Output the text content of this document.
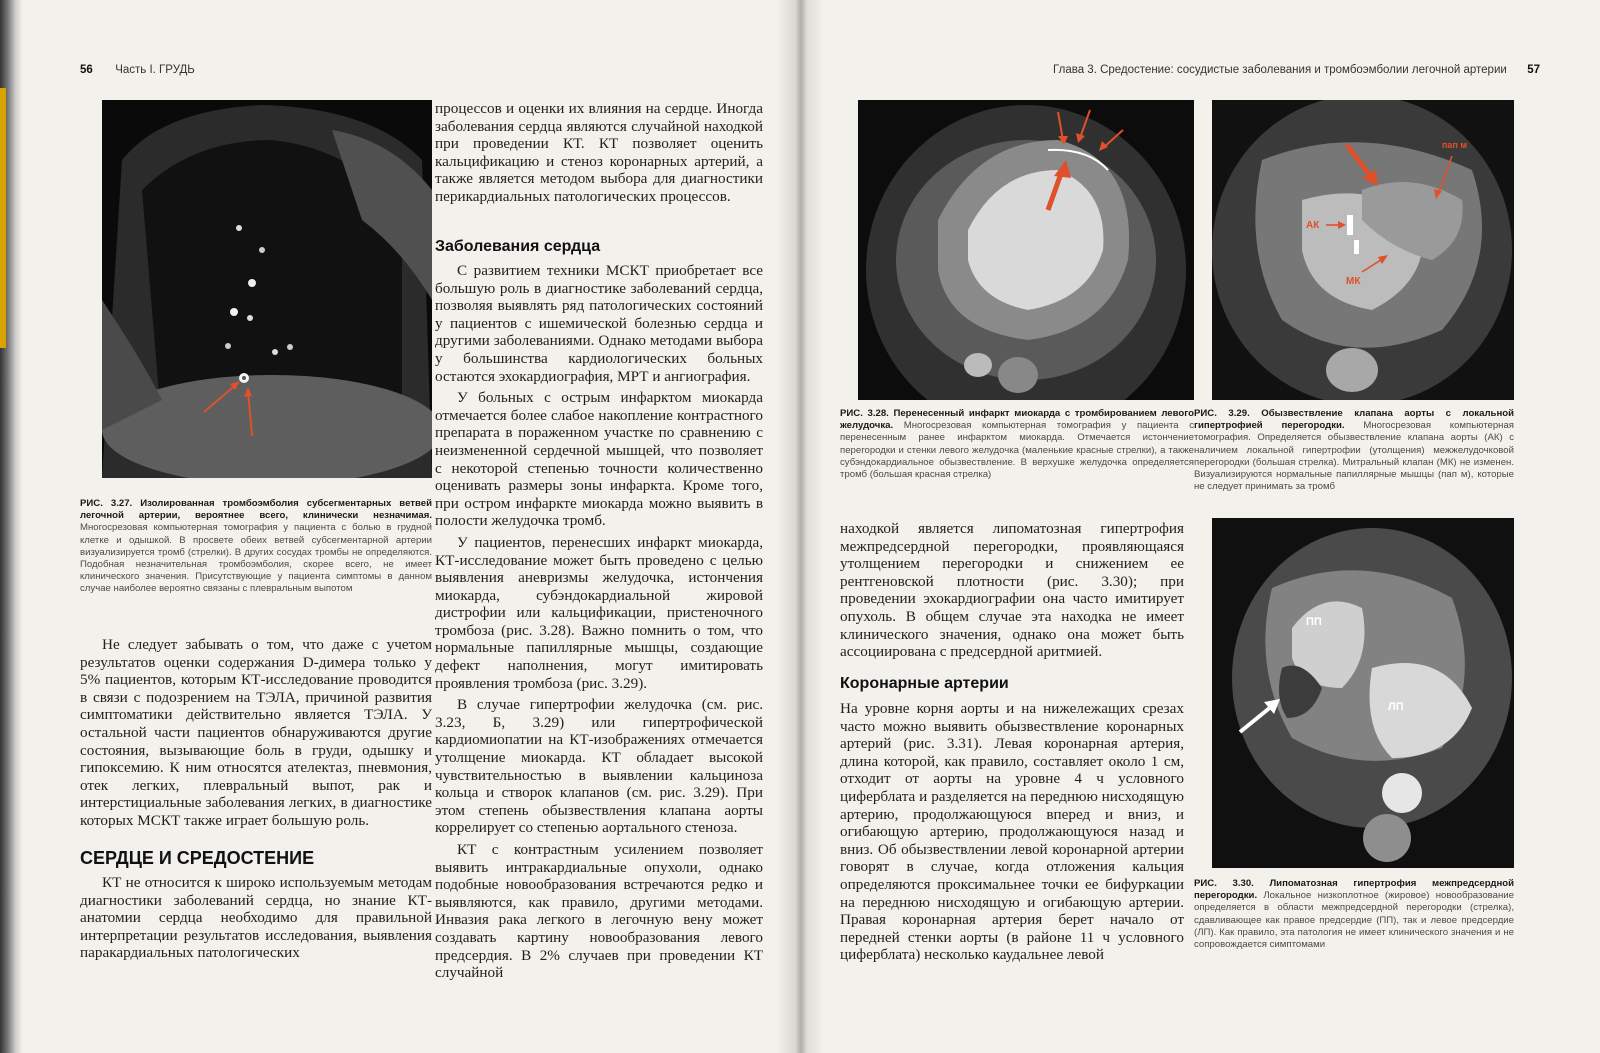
56 Часть I. ГРУДЬ

РИС. 3.27. Изолированная тромбоэмболия субсегментарных ветвей легочной артерии, вероятнее всего, клинически незначимая. Многосрезовая компьютерная томография у пациента с болью в грудной клетке и одышкой. В просвете обеих ветвей субсегментарной артерии визуализируется тромб (стрелки). В других сосудах тромбы не определяются. Подобная незначительная тромбоэмболия, скорее всего, не имеет клинического значения. Присутствующие у пациента симптомы в данном случае наиболее вероятно связаны с плевральным выпотом

Не следует забывать о том, что даже с учетом результатов оценки содержания D-димера только у 5% пациентов, которым КТ-исследование проводится в связи с подозрением на ТЭЛА, причиной развития симптоматики действительно является ТЭЛА. У остальной части пациентов обнаруживаются другие состояния, вызывающие боль в груди, одышку и гипоксемию. К ним относятся ателектаз, пневмония, отек легких, плевральный выпот, рак и интерстициальные заболевания легких, в диагностике которых МСКТ также играет большую роль.

СЕРДЦЕ И СРЕДОСТЕНИЕ

КТ не относится к широко используемым методам диагностики заболеваний сердца, но знание КТ-анатомии сердца необходимо для правильной интерпретации результатов исследования, выявления паракардиальных патологических

процессов и оценки их влияния на сердце. Иногда заболевания сердца являются случайной находкой при проведении КТ. КТ позволяет оценить кальцификацию и стеноз коронарных артерий, а также является методом выбора для диагностики перикардиальных патологических процессов.

Заболевания сердца

С развитием техники МСКТ приобретает все большую роль в диагностике заболеваний сердца, позволяя выявлять ряд патологических состояний у пациентов с ишемической болезнью сердца и другими заболеваниями. Однако методами выбора у большинства кардиологических больных остаются эхокардиография, МРТ и ангиография.

У больных с острым инфарктом миокарда отмечается более слабое накопление контрастного препарата в пораженном участке по сравнению с неизмененной сердечной мышцей, что позволяет с некоторой степенью точности количественно оценивать размеры зоны инфаркта. Кроме того, при остром инфаркте миокарда можно выявить в полости желудочка тромб.

У пациентов, перенесших инфаркт миокарда, КТ-исследование может быть проведено с целью выявления аневризмы желудочка, истончения миокарда, субэндокардиальной жировой дистрофии или кальцификации, пристеночного тромбоза (рис. 3.28). Важно помнить о том, что нормальные папиллярные мышцы, создающие дефект наполнения, могут имитировать проявления тромбоза (рис. 3.29).

В случае гипертрофии желудочка (см. рис. 3.23, Б, 3.29) или гипертрофической кардиомиопатии на КТ-изображениях отмечается утолщение миокарда. КТ обладает высокой чувствительностью в выявлении кальциноза кольца и створок клапанов (см. рис. 3.29). При этом степень обызвествления клапана аорты коррелирует со степенью аортального стеноза.

КТ с контрастным усилением позволяет выявить интракардиальные опухоли, однако подобные новообразования встречаются редко и выявляются, как правило, другими методами. Инвазия рака легкого в легочную вену может создавать картину новообразования левого предсердия. В 2% случаев при проведении КТ случайной

Глава 3. Средостение: сосудистые заболевания и тромбоэмболии легочной артерии 57

РИС. 3.28. Перенесенный инфаркт миокарда с тромбированием левого желудочка. Многосрезовая компьютерная томография у пациента с перенесенным ранее инфарктом миокарда. Отмечается истончение перегородки и стенки левого желудочка (маленькие красные стрелки), а также субэндокардиальное обызвествление. В верхушке желудочка определяется тромб (большая красная стрелка)

АК
МК
пап м

РИС. 3.29. Обызвествление клапана аорты с локальной гипертрофией перегородки. Многосрезовая компьютерная томография. Определяется обызвествление клапана аорты (АК) с наличием локальной гипертрофии (утолщения) межжелудочковой перегородки (большая стрелка). Митральный клапан (МК) не изменен. Визуализируются нормальные папиллярные мышцы (пап м), которые не следует принимать за тромб

ПП
ЛП

РИС. 3.30. Липоматозная гипертрофия межпредсердной перегородки. Локальное низкоплотное (жировое) новообразование определяется в области межпредсердной перегородки (стрелка), сдавливающее как правое предсердие (ПП), так и левое предсердие (ЛП). Как правило, эта патология не имеет клинического значения и не сопровождается симптомами

находкой является липоматозная гипертрофия межпредсердной перегородки, проявляющаяся утолщением перегородки и снижением ее рентгеновской плотности (рис. 3.30); при проведении эхокардиографии она часто имитирует опухоль. В общем случае эта находка не имеет клинического значения, однако она может быть ассоциирована с предсердной аритмией.

Коронарные артерии

На уровне корня аорты и на нижележащих срезах часто можно выявить обызвествление коронарных артерий (рис. 3.31). Левая коронарная артерия, длина которой, как правило, составляет около 1 см, отходит от аорты на уровне 4 ч условного циферблата и разделяется на переднюю нисходящую артерию, продолжающуюся вперед и вниз, и огибающую артерию, продолжающуюся назад и вниз. Об обызвествлении левой коронарной артерии говорят в случае, когда отложения кальция определяются проксимальнее точки ее бифуркации на переднюю нисходящую и огибающую артерии. Правая коронарная артерия берет начало от передней стенки аорты (в районе 11 ч условного циферблата) несколько каудальнее левой
